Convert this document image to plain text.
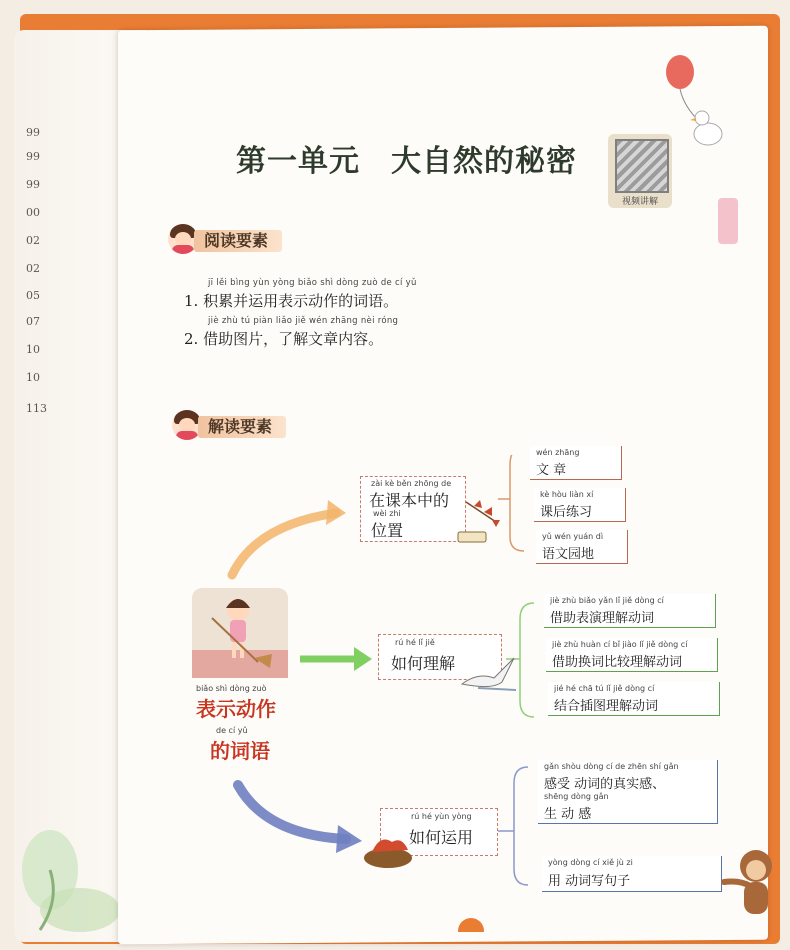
99
99
99
00
02
02
05
07
10
10
113
第一单元　大自然的秘密
视频讲解
阅读要素
jī lěi bìng yùn yòng biǎo shì dòng zuò de cí yǔ
1. 积累并运用表示动作的词语。
jiè zhù tú piàn liǎo jiě wén zhāng nèi róng
2. 借助图片，了解文章内容。
解读要素
biǎo shì dòng zuò
表示动作
de cí yǔ
的词语
zài kè běn zhōng de
在课本中的
wèi zhi
位置
wén zhāng
文 章
kè hòu liàn xí
课后练习
yǔ wén yuán dì
语文园地
rú hé lǐ jiě
如何理解
jiè zhù biǎo yǎn lǐ jiě dòng cí
借助表演理解动词
jiè zhù huàn cí bǐ jiào lǐ jiě dòng cí
借助换词比较理解动词
jié hé chā tú lǐ jiě dòng cí
结合插图理解动词
rú hé yùn yòng
如何运用
gǎn shòu dòng cí de zhēn shí gǎn
感受 动词的真实感、
shēng dòng gǎn
生 动 感
yòng dòng cí xiě jù zi
用 动词写句子
